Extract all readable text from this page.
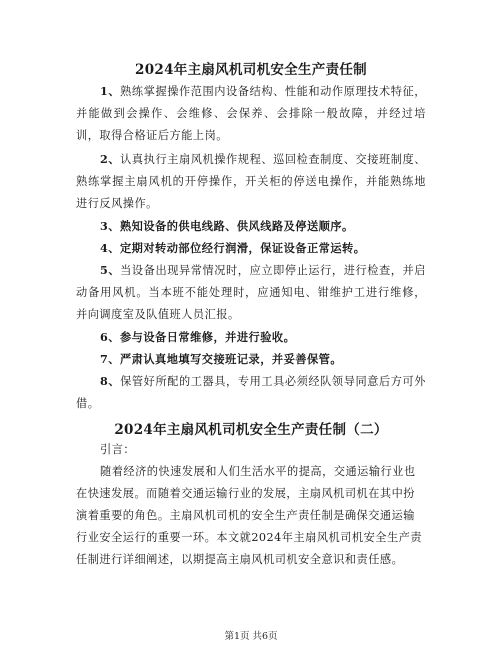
2024年主扇风机司机安全生产责任制
1、熟练掌握操作范围内设备结构、性能和动作原理技术特征，并能做到会操作、会维修、会保养、会排除一般故障，并经过培训，取得合格证后方能上岗。
2、认真执行主扇风机操作规程、巡回检查制度、交接班制度、熟练掌握主扇风机的开停操作，开关柜的停送电操作，并能熟练地进行反风操作。
3、熟知设备的供电线路、供风线路及停送顺序。
4、定期对转动部位经行润滑，保证设备正常运转。
5、当设备出现异常情况时，应立即停止运行，进行检查，并启动备用风机。当本班不能处理时，应通知电、钳维护工进行维修，并向调度室及队值班人员汇报。
6、参与设备日常维修，并进行验收。
7、严肃认真地填写交接班记录，并妥善保管。
8、保管好所配的工器具，专用工具必须经队领导同意后方可外借。
2024年主扇风机司机安全生产责任制（二）
引言：
随着经济的快速发展和人们生活水平的提高，交通运输行业也在快速发展。而随着交通运输行业的发展，主扇风机司机在其中扮演着重要的角色。主扇风机司机的安全生产责任制是确保交通运输行业安全运行的重要一环。本文就2024年主扇风机司机安全生产责任制进行详细阐述，以期提高主扇风机司机安全意识和责任感。
第1页 共6页
